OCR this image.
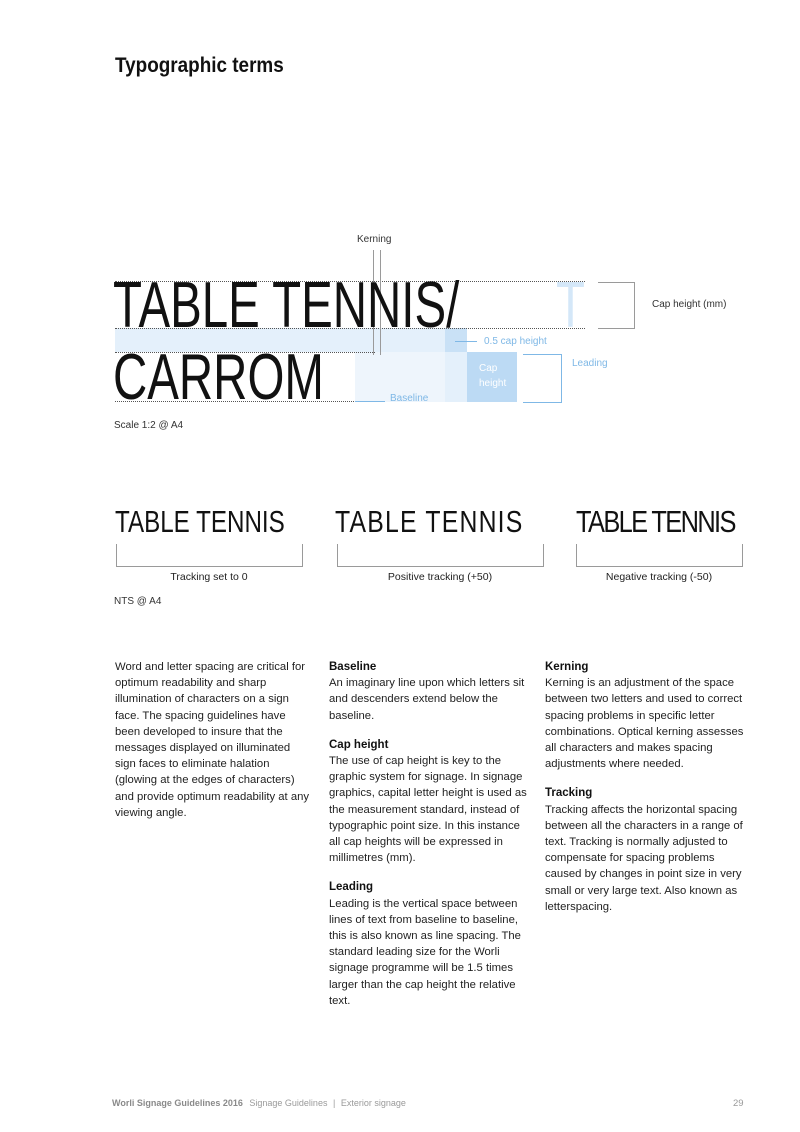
Typographic terms
Kerning
TABLE TENNIS/ T
CARROM
Cap height (mm)
0.5 cap height
Leading
Cap
height
Baseline
Scale 1:2 @ A4
TABLE TENNIS
Tracking set to 0
TABLE TENNIS
Positive tracking (+50)
TABLE TENNIS
Negative tracking (-50)
NTS @ A4

Word and letter spacing are critical for optimum readability and sharp illumination of characters on a sign face. The spacing guidelines have been developed to insure that the messages displayed on illuminated sign faces to eliminate halation (glowing at the edges of characters) and provide optimum readability at any viewing angle.

Baseline

An imaginary line upon which letters sit and descenders extend below the baseline.

Cap height

The use of cap height is key to the graphic system for signage. In signage graphics, capital letter height is used as the measurement standard, instead of typographic point size. In this instance all cap heights will be expressed in millimetres (mm).

Leading

Leading is the vertical space between lines of text from baseline to baseline, this is also known as line spacing. The standard leading size for the Worli signage programme will be 1.5 times larger than the cap height the relative text.

Kerning

Kerning is an adjustment of the space between two letters and used to correct spacing problems in specific letter combinations. Optical kerning assesses all characters and makes spacing adjustments where needed.

Tracking

Tracking affects the horizontal spacing between all the characters in a range of text. Tracking is normally adjusted to compensate for spacing problems caused by changes in point size in very small or very large text. Also known as letterspacing.

Worli Signage Guidelines 2016 Signage Guidelines | Exterior signage	29
